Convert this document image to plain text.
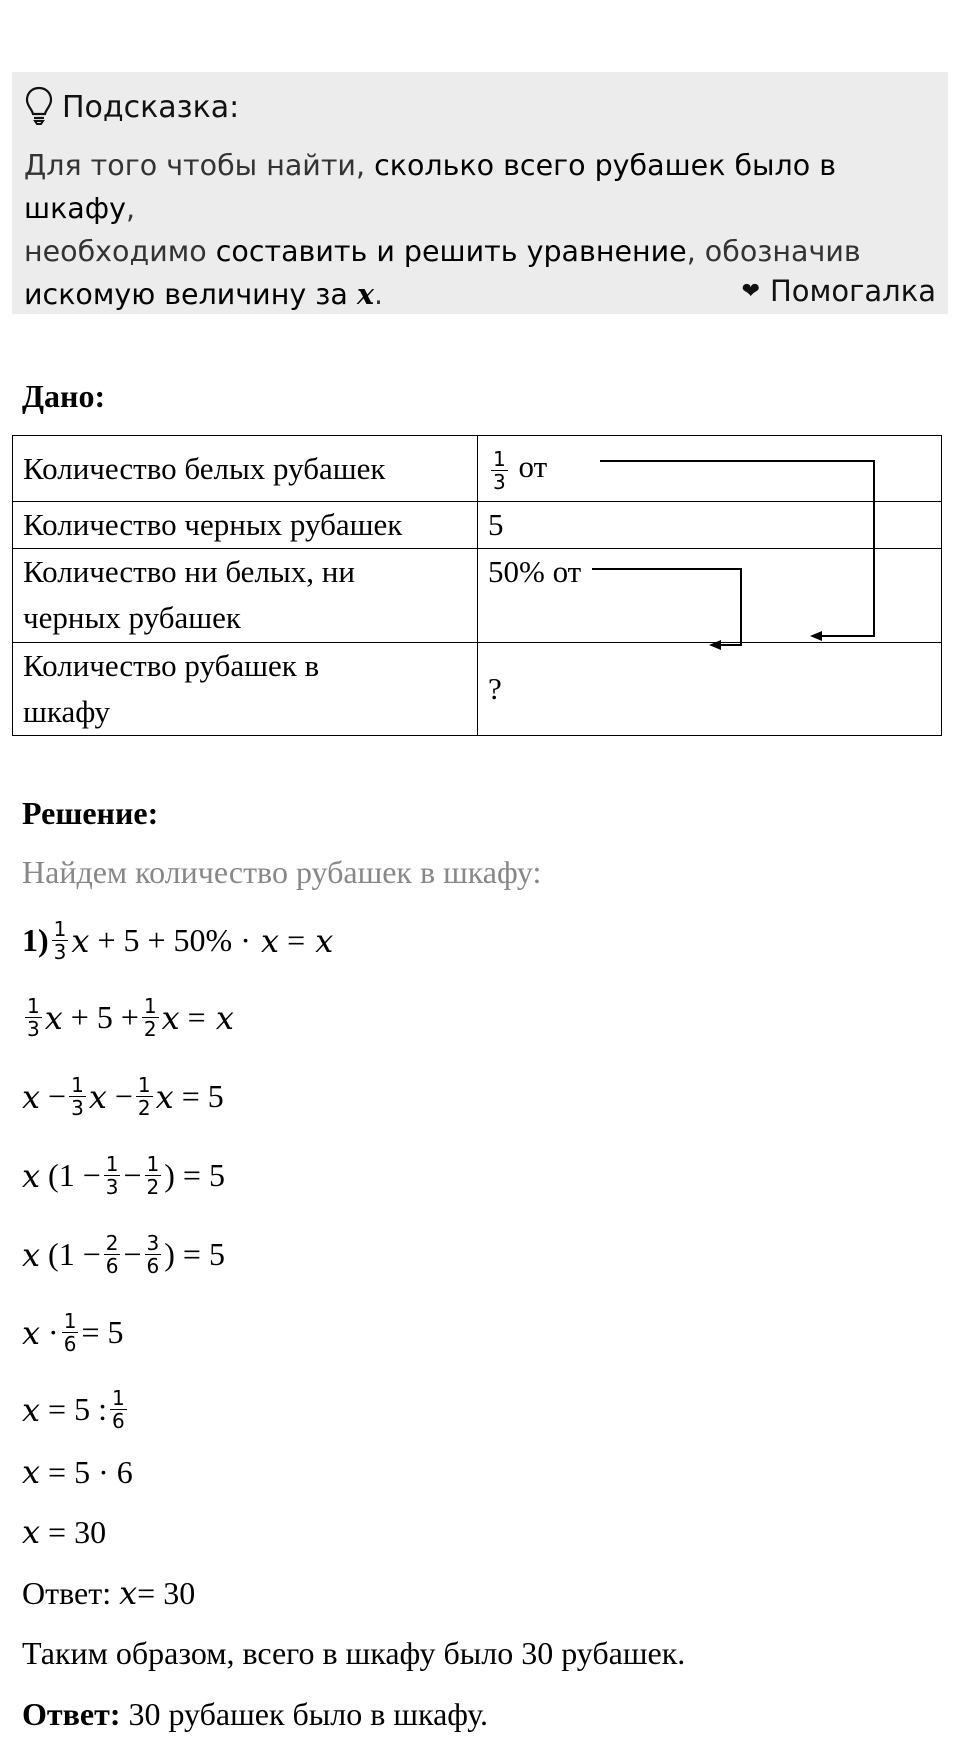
Подсказка:
Для того чтобы найти, сколько всего рубашек было в шкафу,
необходимо составить и решить уравнение, обозначив
искомую величину за x.	❤ Помогалка
Дано:
Количество белых рубашек	$\frac{1}{3}$ от
Количество черных рубашек	5

Количество ни белых, ни
черных рубашек	50% от

Количество рубашек в
шкафу	?
Решение:
Найдем количество рубашек в шкафу:
$1) \frac{1}{3}$ x + 5 + 50% · x = x
$\frac{1}{3}$ $x + 5 + \frac{1}{2}$ x = x
$x - \frac{1}{3}$ $x - \frac{1}{2}$ x = 5
x ($1 - \frac{1}{3} - \frac{1}{2}$ ) = 5
x ($1 - \frac{2}{6} - \frac{3}{6}$ ) = 5
$x \cdot \frac{1}{6} = 5$
x = 5 : $\frac{1}{6}$
x = 5 · 6
x = 30
Ответ:
x = 30
Таким образом, всего в шкафу было 30 рубашек.
Ответ:
30 рубашек было в шкафу.
